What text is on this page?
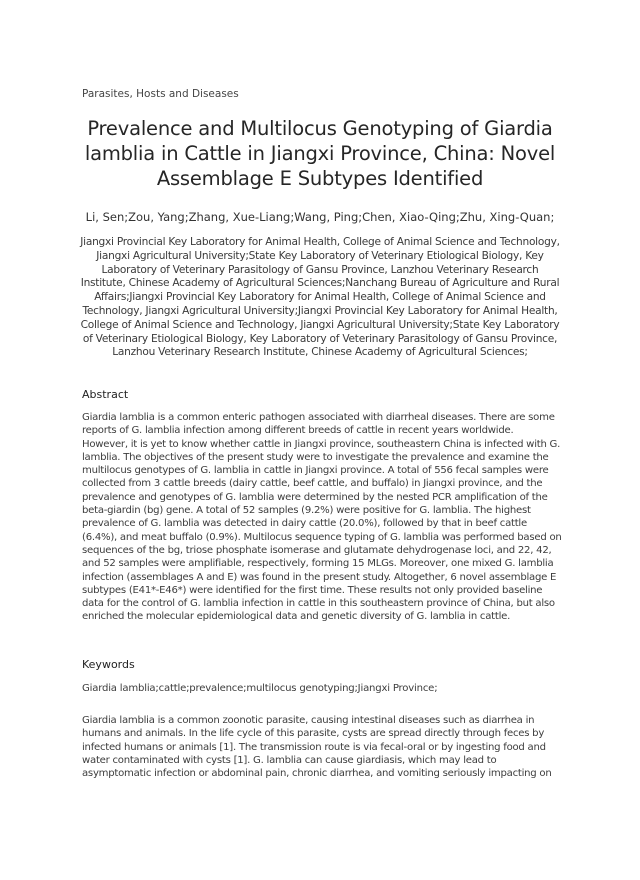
Parasites, Hosts and Diseases
Prevalence and Multilocus Genotyping of Giardia lamblia in Cattle in Jiangxi Province, China: Novel Assemblage E Subtypes Identified
Li, Sen;Zou, Yang;Zhang, Xue-Liang;Wang, Ping;Chen, Xiao-Qing;Zhu, Xing-Quan;
Jiangxi Provincial Key Laboratory for Animal Health, College of Animal Science and Technology, Jiangxi Agricultural University;State Key Laboratory of Veterinary Etiological Biology, Key Laboratory of Veterinary Parasitology of Gansu Province, Lanzhou Veterinary Research Institute, Chinese Academy of Agricultural Sciences;Nanchang Bureau of Agriculture and Rural Affairs;Jiangxi Provincial Key Laboratory for Animal Health, College of Animal Science and Technology, Jiangxi Agricultural University;Jiangxi Provincial Key Laboratory for Animal Health, College of Animal Science and Technology, Jiangxi Agricultural University;State Key Laboratory of Veterinary Etiological Biology, Key Laboratory of Veterinary Parasitology of Gansu Province, Lanzhou Veterinary Research Institute, Chinese Academy of Agricultural Sciences;
Abstract
Giardia lamblia is a common enteric pathogen associated with diarrheal diseases. There are some reports of G. lamblia infection among different breeds of cattle in recent years worldwide. However, it is yet to know whether cattle in Jiangxi province, southeastern China is infected with G. lamblia. The objectives of the present study were to investigate the prevalence and examine the multilocus genotypes of G. lamblia in cattle in Jiangxi province. A total of 556 fecal samples were collected from 3 cattle breeds (dairy cattle, beef cattle, and buffalo) in Jiangxi province, and the prevalence and genotypes of G. lamblia were determined by the nested PCR amplification of the beta-giardin (bg) gene. A total of 52 samples (9.2%) were positive for G. lamblia. The highest prevalence of G. lamblia was detected in dairy cattle (20.0%), followed by that in beef cattle (6.4%), and meat buffalo (0.9%). Multilocus sequence typing of G. lamblia was performed based on sequences of the bg, triose phosphate isomerase and glutamate dehydrogenase loci, and 22, 42, and 52 samples were amplifiable, respectively, forming 15 MLGs. Moreover, one mixed G. lamblia infection (assemblages A and E) was found in the present study. Altogether, 6 novel assemblage E subtypes (E41*-E46*) were identified for the first time. These results not only provided baseline data for the control of G. lamblia infection in cattle in this southeastern province of China, but also enriched the molecular epidemiological data and genetic diversity of G. lamblia in cattle.
Keywords
Giardia lamblia;cattle;prevalence;multilocus genotyping;Jiangxi Province;
Giardia lamblia is a common zoonotic parasite, causing intestinal diseases such as diarrhea in humans and animals. In the life cycle of this parasite, cysts are spread directly through feces by infected humans or animals [1]. The transmission route is via fecal-oral or by ingesting food and water contaminated with cysts [1]. G. lamblia can cause giardiasis, which may lead to asymptomatic infection or abdominal pain, chronic diarrhea, and vomiting seriously impacting on
